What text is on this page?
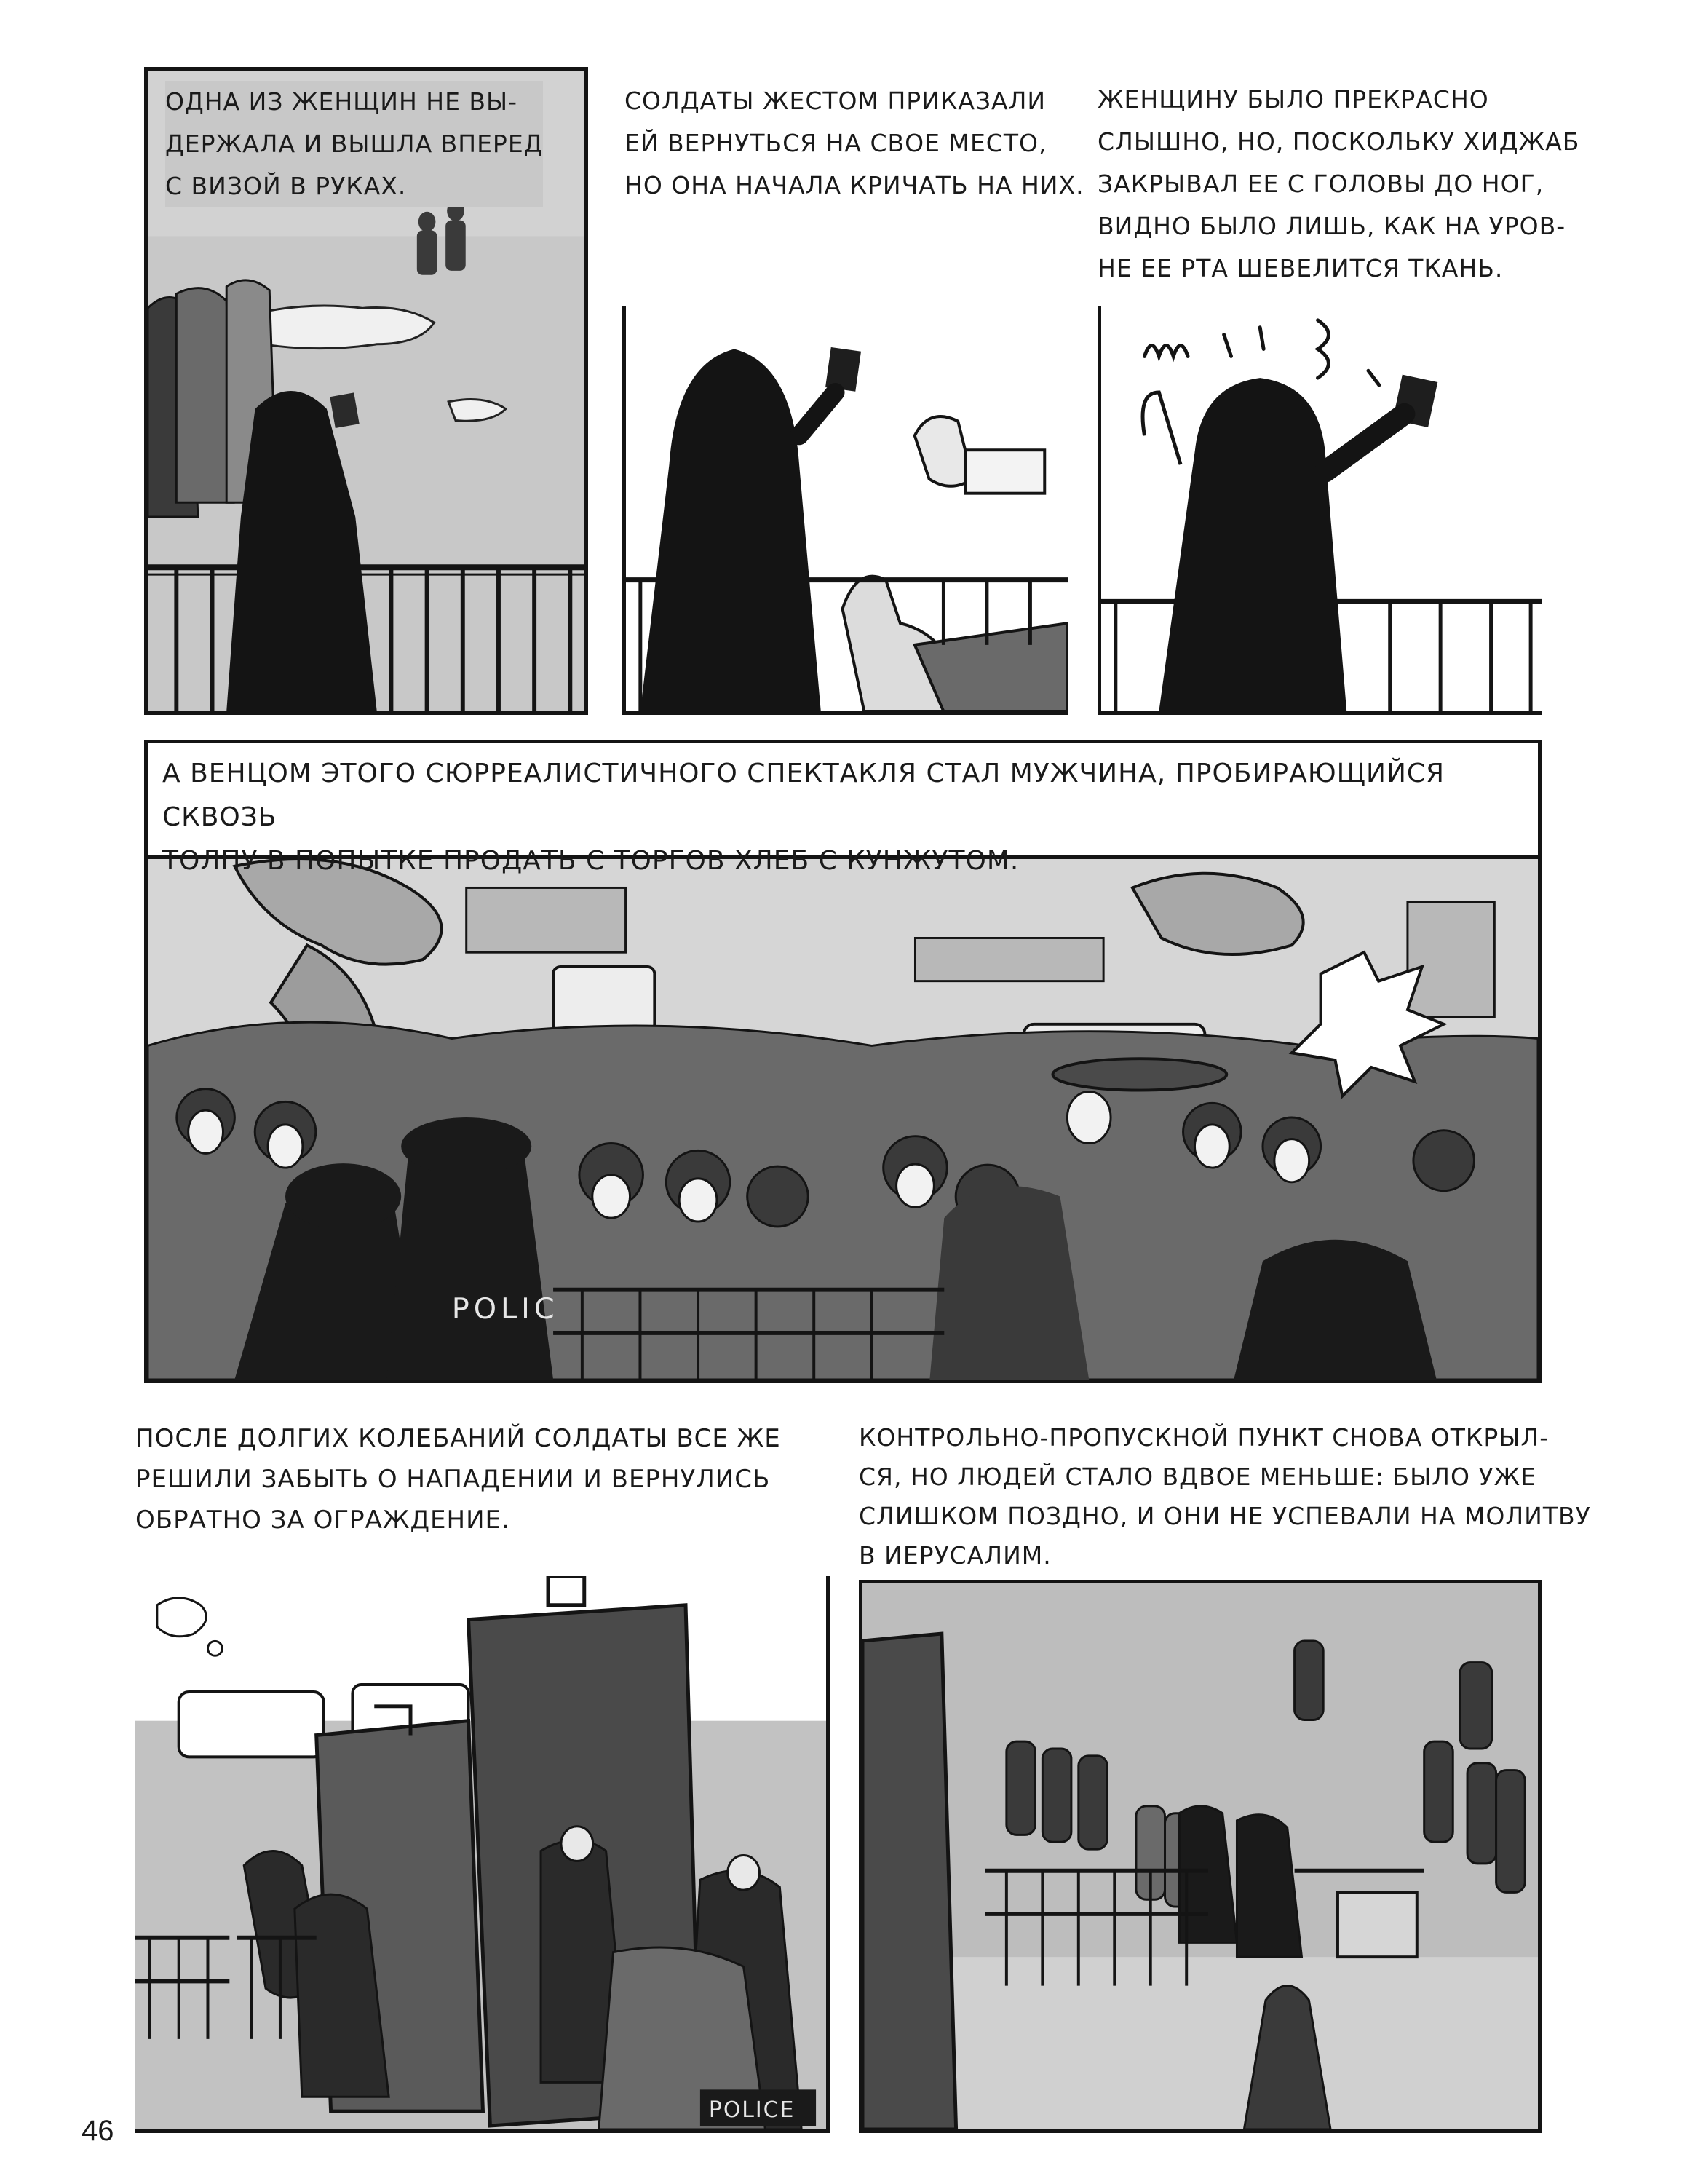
ОДНА ИЗ ЖЕНЩИН НЕ ВЫ-
ДЕРЖАЛА И ВЫШЛА ВПЕРЕД
С ВИЗОЙ В РУКАХ.

СОЛДАТЫ ЖЕСТОМ ПРИКАЗАЛИ
ЕЙ ВЕРНУТЬСЯ НА СВОЕ МЕСТО,
НО ОНА НАЧАЛА КРИЧАТЬ НА НИХ.

ЖЕНЩИНУ БЫЛО ПРЕКРАСНО
СЛЫШНО, НО, ПОСКОЛЬКУ ХИДЖАБ
ЗАКРЫВАЛ ЕЕ С ГОЛОВЫ ДО НОГ,
ВИДНО БЫЛО ЛИШЬ, КАК НА УРОВ-
НЕ ЕЕ РТА ШЕВЕЛИТСЯ ТКАНЬ.

POLIC
А ВЕНЦОМ ЭТОГО СЮРРЕАЛИСТИЧНОГО СПЕКТАКЛЯ СТАЛ МУЖЧИНА, ПРОБИРАЮЩИЙСЯ СКВОЗЬ
ТОЛПУ В ПОПЫТКЕ ПРОДАТЬ С ТОРГОВ ХЛЕБ С КУНЖУТОМ.

ПОСЛЕ ДОЛГИХ КОЛЕБАНИЙ СОЛДАТЫ ВСЕ ЖЕ
РЕШИЛИ ЗАБЫТЬ О НАПАДЕНИИ И ВЕРНУЛИСЬ
ОБРАТНО ЗА ОГРАЖДЕНИЕ.

POLICE

КОНТРОЛЬНО-ПРОПУСКНОЙ ПУНКТ СНОВА ОТКРЫЛ-
СЯ, НО ЛЮДЕЙ СТАЛО ВДВОЕ МЕНЬШЕ: БЫЛО УЖЕ
СЛИШКОМ ПОЗДНО, И ОНИ НЕ УСПЕВАЛИ НА МОЛИТВУ
В ИЕРУСАЛИМ.

46
